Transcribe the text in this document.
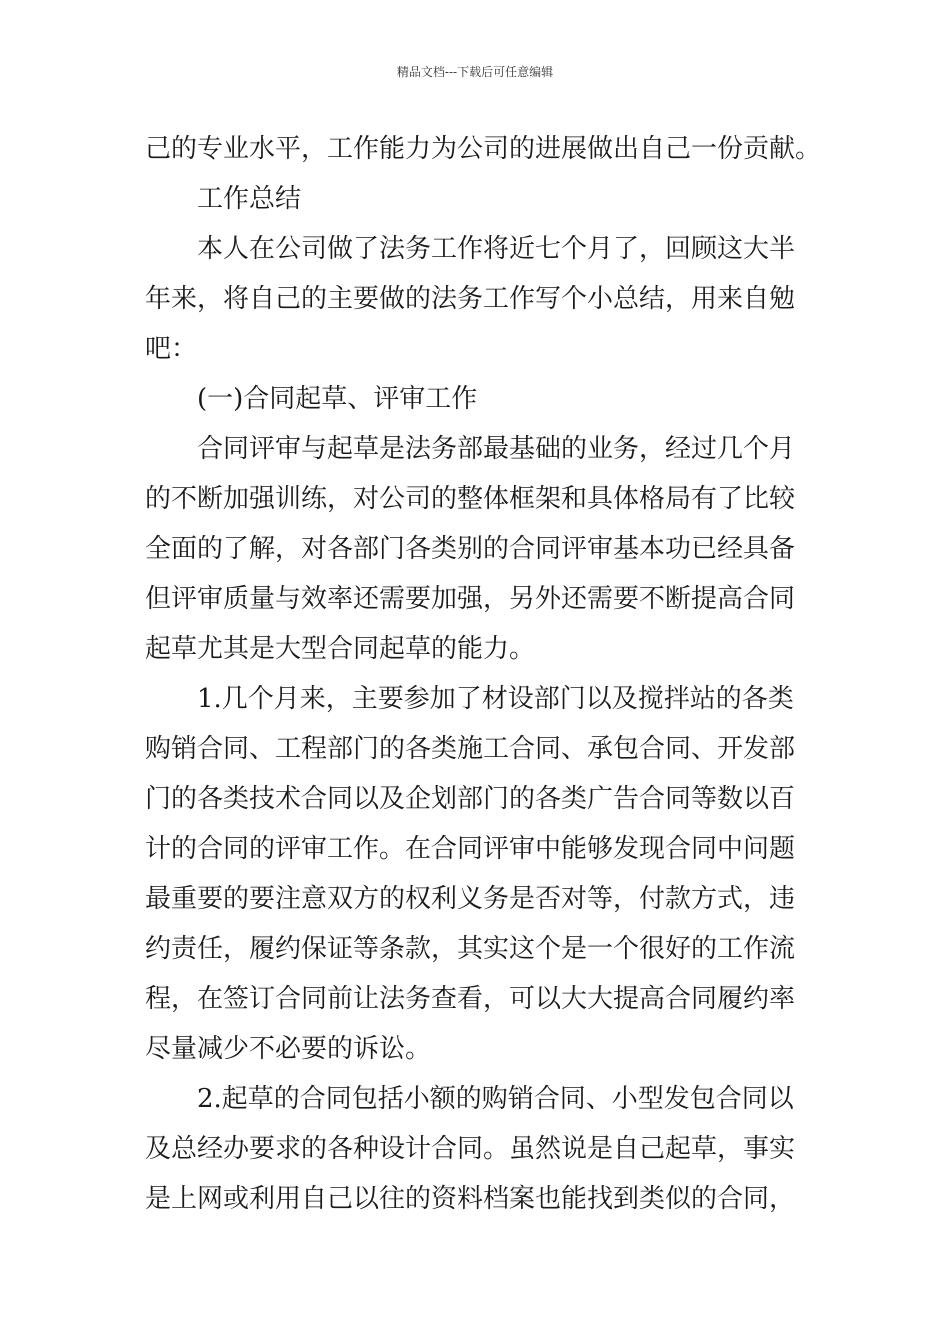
精品文档---下载后可任意编辑
己的专业水平，工作能力为公司的进展做出自己一份贡献。
工作总结
本人在公司做了法务工作将近七个月了，回顾这大半
年来，将自己的主要做的法务工作写个小总结，用来自勉
吧：
(一)合同起草、评审工作
合同评审与起草是法务部最基础的业务，经过几个月
的不断加强训练，对公司的整体框架和具体格局有了比较
全面的了解，对各部门各类别的合同评审基本功已经具备
但评审质量与效率还需要加强，另外还需要不断提高合同
起草尤其是大型合同起草的能力。
1.几个月来，主要参加了材设部门以及搅拌站的各类
购销合同、工程部门的各类施工合同、承包合同、开发部
门的各类技术合同以及企划部门的各类广告合同等数以百
计的合同的评审工作。在合同评审中能够发现合同中问题
最重要的要注意双方的权利义务是否对等，付款方式，违
约责任，履约保证等条款，其实这个是一个很好的工作流
程，在签订合同前让法务查看，可以大大提高合同履约率
尽量减少不必要的诉讼。
2.起草的合同包括小额的购销合同、小型发包合同以
及总经办要求的各种设计合同。虽然说是自己起草，事实
是上网或利用自己以往的资料档案也能找到类似的合同，
